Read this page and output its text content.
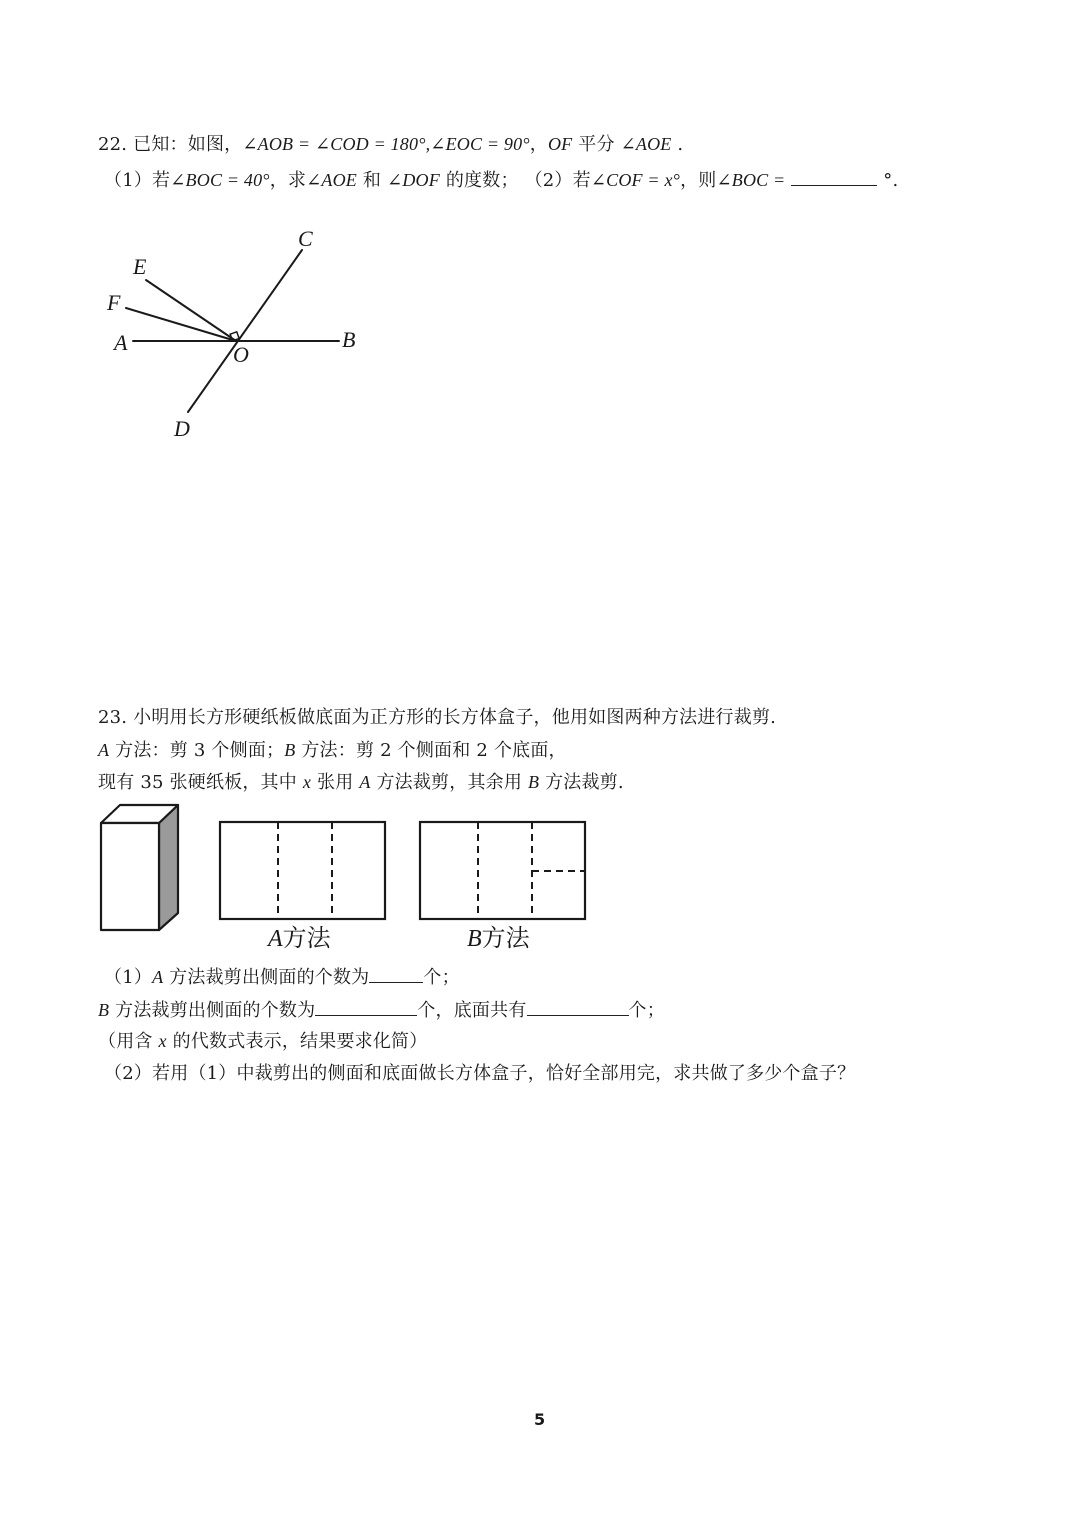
22. 已知：如图，∠AOB = ∠COD = 180°,∠EOC = 90°，OF 平分 ∠AOE .
（1）若∠BOC = 40°，求∠AOE 和 ∠DOF 的度数； （2）若∠COF = x°，则∠BOC =	°.
C
E
F
A	O
B
D
23. 小明用长方形硬纸板做底面为正方形的长方体盒子，他用如图两种方法进行裁剪.
A 方法：剪 3 个侧面；B 方法：剪 2 个侧面和 2 个底面，
现有 35 张硬纸板，其中 x 张用 A 方法裁剪，其余用 B 方法裁剪.
A方法	B方法
（1）A 方法裁剪出侧面的个数为	个；
B 方法裁剪出侧面的个数为	个，底面共有	个；
（用含 x 的代数式表示，结果要求化简）
（2）若用（1）中裁剪出的侧面和底面做长方体盒子，恰好全部用完，求共做了多少个盒子？
5
